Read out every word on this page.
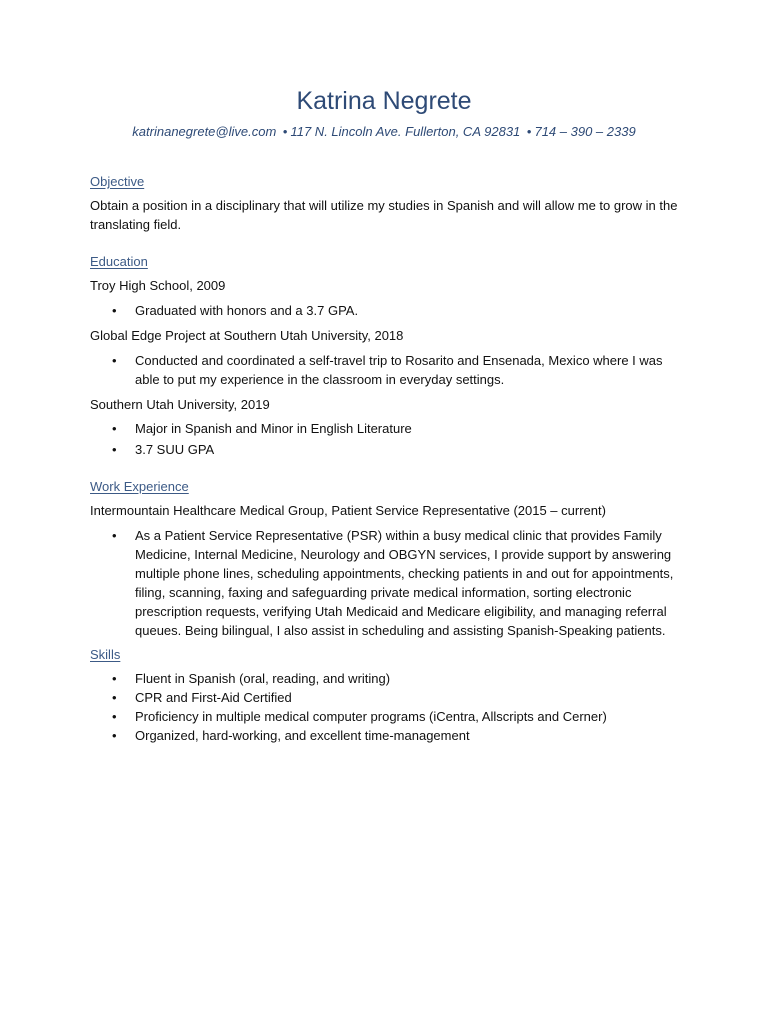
Katrina Negrete
katrinanegrete@live.com • 117 N. Lincoln Ave. Fullerton, CA 92831 • 714 – 390 – 2339

Objective

Obtain a position in a disciplinary that will utilize my studies in Spanish and will allow me to grow in the translating field.

Education

Troy High School, 2009

• Graduated with honors and a 3.7 GPA.

Global Edge Project at Southern Utah University, 2018

• Conducted and coordinated a self-travel trip to Rosarito and Ensenada, Mexico where I was able to put my experience in the classroom in everyday settings.

Southern Utah University, 2019

• Major in Spanish and Minor in English Literature
• 3.7 SUU GPA

Work Experience

Intermountain Healthcare Medical Group, Patient Service Representative (2015 – current)

• As a Patient Service Representative (PSR) within a busy medical clinic that provides Family Medicine, Internal Medicine, Neurology and OBGYN services, I provide support by answering multiple phone lines, scheduling appointments, checking patients in and out for appointments, filing, scanning, faxing and safeguarding private medical information, sorting electronic prescription requests, verifying Utah Medicaid and Medicare eligibility, and managing referral queues. Being bilingual, I also assist in scheduling and assisting Spanish-Speaking patients.

Skills

• Fluent in Spanish (oral, reading, and writing)
• CPR and First-Aid Certified
• Proficiency in multiple medical computer programs (iCentra, Allscripts and Cerner)
• Organized, hard-working, and excellent time-management
